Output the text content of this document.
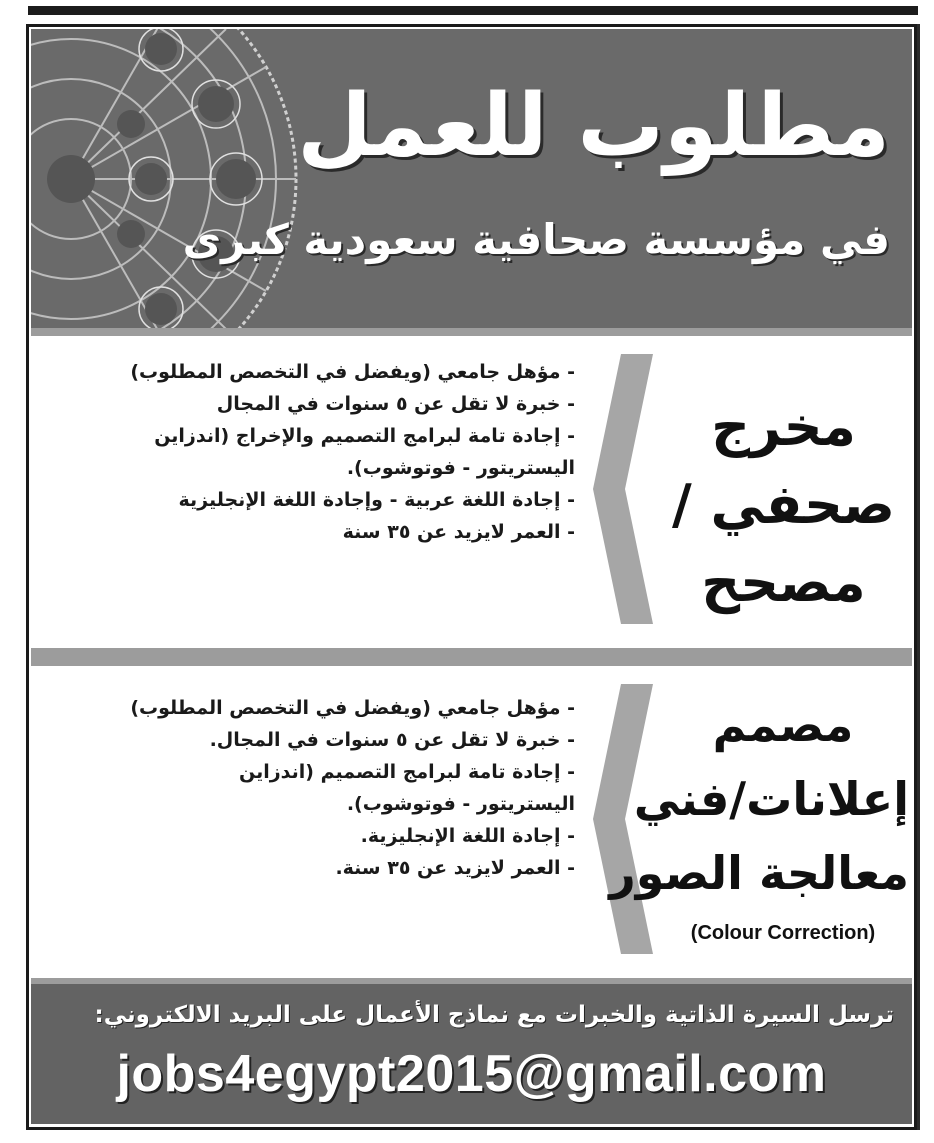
مطلوب للعمل
في مؤسسة صحافية سعودية كبرى
- مؤهل جامعي (ويفضل في التخصص المطلوب)
- خبرة لا تقل عن ٥ سنوات في المجال
- إجادة تامة لبرامج التصميم والإخراج (اندزاين
اليستريتور - فوتوشوب).
- إجادة اللغة عربية - وإجادة اللغة الإنجليزية
- العمر لايزيد عن ٣٥ سنة
مخرج
صحفي /
مصحح
- مؤهل جامعي (ويفضل في التخصص المطلوب)
- خبرة لا تقل عن ٥ سنوات في المجال.
- إجادة تامة لبرامج التصميم (اندزاين
اليستريتور - فوتوشوب).
- إجادة اللغة الإنجليزية.
- العمر لايزيد عن ٣٥ سنة.
مصمم
إعلانات/فني
معالجة الصور
(Colour Correction)
ترسل السيرة الذاتية والخبرات مع نماذج الأعمال على البريد الالكتروني:
jobs4egypt2015@gmail.com
